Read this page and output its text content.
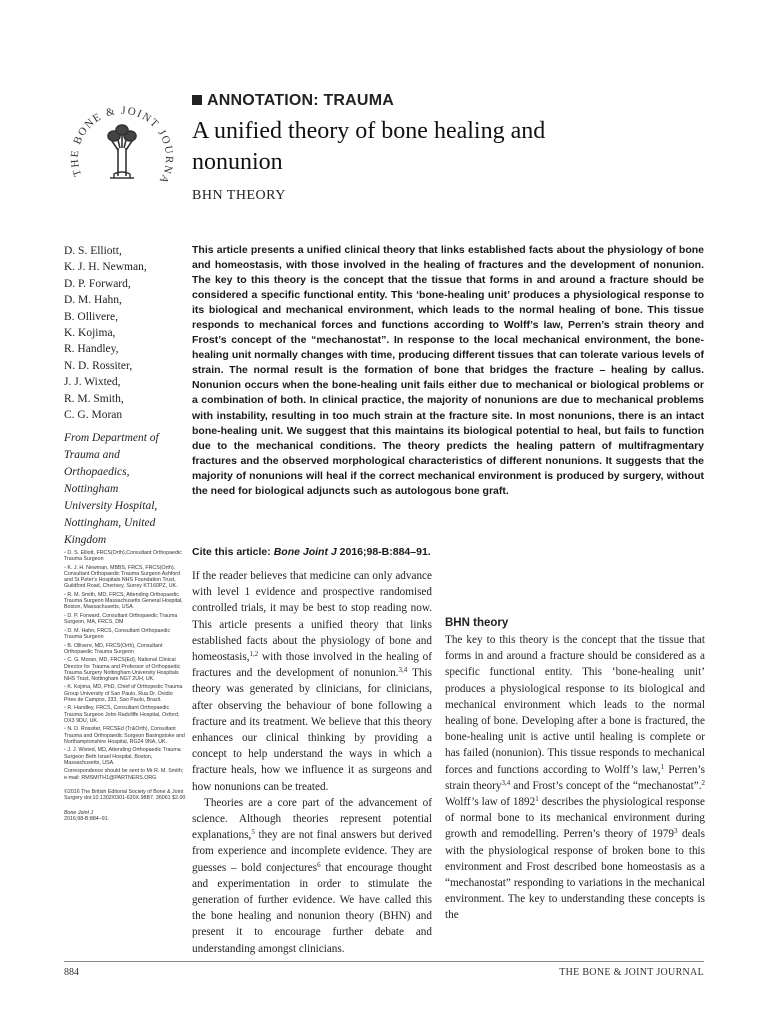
THE BONE & JOINT JOURNA
ANNOTATION: TRAUMA
A unified theory of bone healing and
nonunion
BHN THEORY
D. S. Elliott,
K. J. H. Newman,
D. P. Forward,
D. M. Hahn,
B. Ollivere,
K. Kojima,
R. Handley,
N. D. Rossiter,
J. J. Wixted,
R. M. Smith,
C. G. Moran
From Department of
Trauma and
Orthopaedics,
Nottingham
University Hospital,
Nottingham, United
Kingdom
▫ D. S. Elliott, FRCS(Orth),Consultant Orthopaedic Trauma Surgeon
▫ K. J. H. Newman, MBBS, FRCS, FRCS(Orth), Consultant Orthopaedic Trauma Surgeon Ashford and St Peter's Hospitals NHS Foundation Trust, Guildford Road, Chertsey, Surrey KT160PZ, UK.
▫ R. M. Smith, MD, FRCS, Attending Orthopaedic Trauma Surgeon Massachusetts General Hospital, Boston, Massachusetts, USA.
▫ D. P. Forward, Consultant Orthopaedic Trauma Surgeon, MA, FRCS, DM
▫ D. M. Hahn, FRCS, Consultant Orthopaedic Trauma Surgeon
▫ B. Ollivere, MD, FRCS(Orth), Consultant Orthopaedic Trauma Surgeon
▫ C. G. Moran, MD, FRCS(Ed), National Clinical Director for Trauma and Professor of Orthopaedic Trauma Surgery Nottingham University Hospitals NHS Trust, Nottingham NG7 2UH, UK.
▫ K. Kojima, MD, PhD, Chief of Orthopedic Trauma Group University of Sao Paulo, Rua Dr. Ovidio Pires de Campos, 333, Sao Paulo, Brazil.
▫ R. Handley, FRCS, Consultant Orthopaedic Trauma Surgeon John Radcliffe Hospital, Oxford, OX3 9DU, UK.
▫ N. D. Rossiter, FRCSEd (Tr&Orth), Consultant Trauma and Orthopaedic Surgeon Basingstoke and Northamptonshire Hospital, RG24 9NA, UK.
▫ J. J. Wixted, MD, Attending Orthopaedic Trauma Surgeon Beth Israel Hospital, Boston, Massachusetts, USA.
Correspondence should be sent to Mr R. M. Smith; e-mail: RMSMITH1@PARTNERS.ORG
©2016 The British Editorial Society of Bone & Joint Surgery doi:10.1302/0301-620X.98B7. 36061 $2.00
Bone Joint J
2016;98-B:884–91.
This article presents a unified clinical theory that links established facts about the physiology of bone and homeostasis, with those involved in the healing of fractures and the development of nonunion. The key to this theory is the concept that the tissue that forms in and around a fracture should be considered a specific functional entity. This ‘bone-healing unit’ produces a physiological response to its biological and mechanical environment, which leads to the normal healing of bone. This tissue responds to mechanical forces and functions according to Wolff’s law, Perren’s strain theory and Frost’s concept of the “mechanostat”. In response to the local mechanical environment, the bone-healing unit normally changes with time, producing different tissues that can tolerate various levels of strain. The normal result is the formation of bone that bridges the fracture – healing by callus. Nonunion occurs when the bone-healing unit fails either due to mechanical or biological problems or a combination of both. In clinical practice, the majority of nonunions are due to mechanical problems with instability, resulting in too much strain at the fracture site. In most nonunions, there is an intact bone-healing unit. We suggest that this maintains its biological potential to heal, but fails to function due to the mechanical conditions. The theory predicts the healing pattern of multifragmentary fractures and the observed morphological characteristics of different nonunions. It suggests that the majority of nonunions will heal if the correct mechanical environment is produced by surgery, without the need for biological adjuncts such as autologous bone graft.
Cite this article: Bone Joint J 2016;98-B:884–91.

If the reader believes that medicine can only advance with level 1 evidence and prospective randomised controlled trials, it may be best to stop reading now. This article presents a unified theory that links established facts about the physiology of bone and homeostasis,$^{1,2}$ with those involved in the healing of fractures and the development of nonunion.$^{3,4}$ This theory was generated by clinicians, for clinicians, after observing the behaviour of bone following a fracture and its treatment. We believe that this theory enhances our clinical thinking by providing a concept to help understand the ways in which a fracture heals, how we influence it as surgeons and how nonunions can be treated.

Theories are a core part of the advancement of science. Although theories represent potential explanations,$^5$ they are not final answers but derived from experience and incomplete evidence. They are guesses – bold conjectures$^6$ that encourage thought and experimentation in order to stimulate the generation of further evidence. We have called this the bone healing and nonunion theory (BHN) and present it to encourage further debate and understanding amongst clinicians.

BHN theory

The key to this theory is the concept that the tissue that forms in and around a fracture should be considered as a specific functional entity. This ‘bone-healing unit’ produces a physiological response to its biological and mechanical environment which leads to the normal healing of bone. Developing after a bone is fractured, the bone-healing unit is active until healing is complete or has failed (nonunion). This tissue responds to mechanical forces and functions according to Wolff’s law,$^1$ Perren’s strain theory$^{3,4}$ and Frost’s concept of the “mechanostat”.$^2$ Wolff’s law of 1892$^1$ describes the physiological response of normal bone to its mechanical environment during growth and remodelling. Perren’s theory of 1979$^3$ deals with the physiological response of broken bone to this environment and Frost described bone homeostasis as a “mechanostat” responding to variations in the mechanical environment. The key to understanding these concepts is the

884	THE BONE & JOINT JOURNAL
